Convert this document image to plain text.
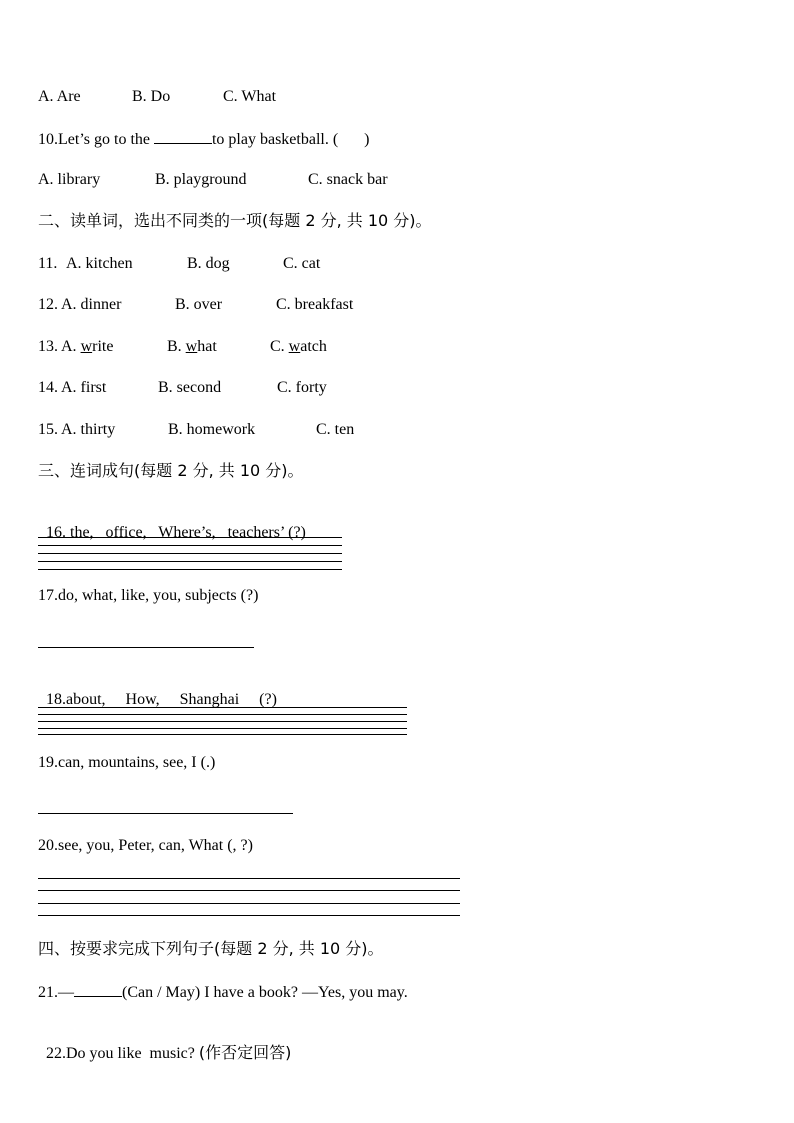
A. Are	B. Do	C. What
10.Let’s go to the	to play basketball. ( )
A. library	B. playground	C. snack bar
二、读单词，选出不同类的一项(每题 2 分, 共 10 分)。
11. A. kitchen	B. dog	C. cat
12. A. dinner	B. over	C. breakfast
13. A. write	B. what	C. watch
14. A. first	B. second	C. forty
15. A. thirty	B. homework	C. ten
三、连词成句(每题 2 分, 共 10 分)。

16. the,   office,   Where’s,   teachers’ (?)

17.do, what, like, you, subjects (?)

18.about,     How,     Shanghai     (?)

19.can, mountains, see, I (.)
20.see, you, Peter, can, What (, ?)
四、按要求完成下列句子(每题 2 分, 共 10 分)。
21.—	(Can / May) I have a book? —Yes, you may.

22.Do you like  music? (作否定回答)
